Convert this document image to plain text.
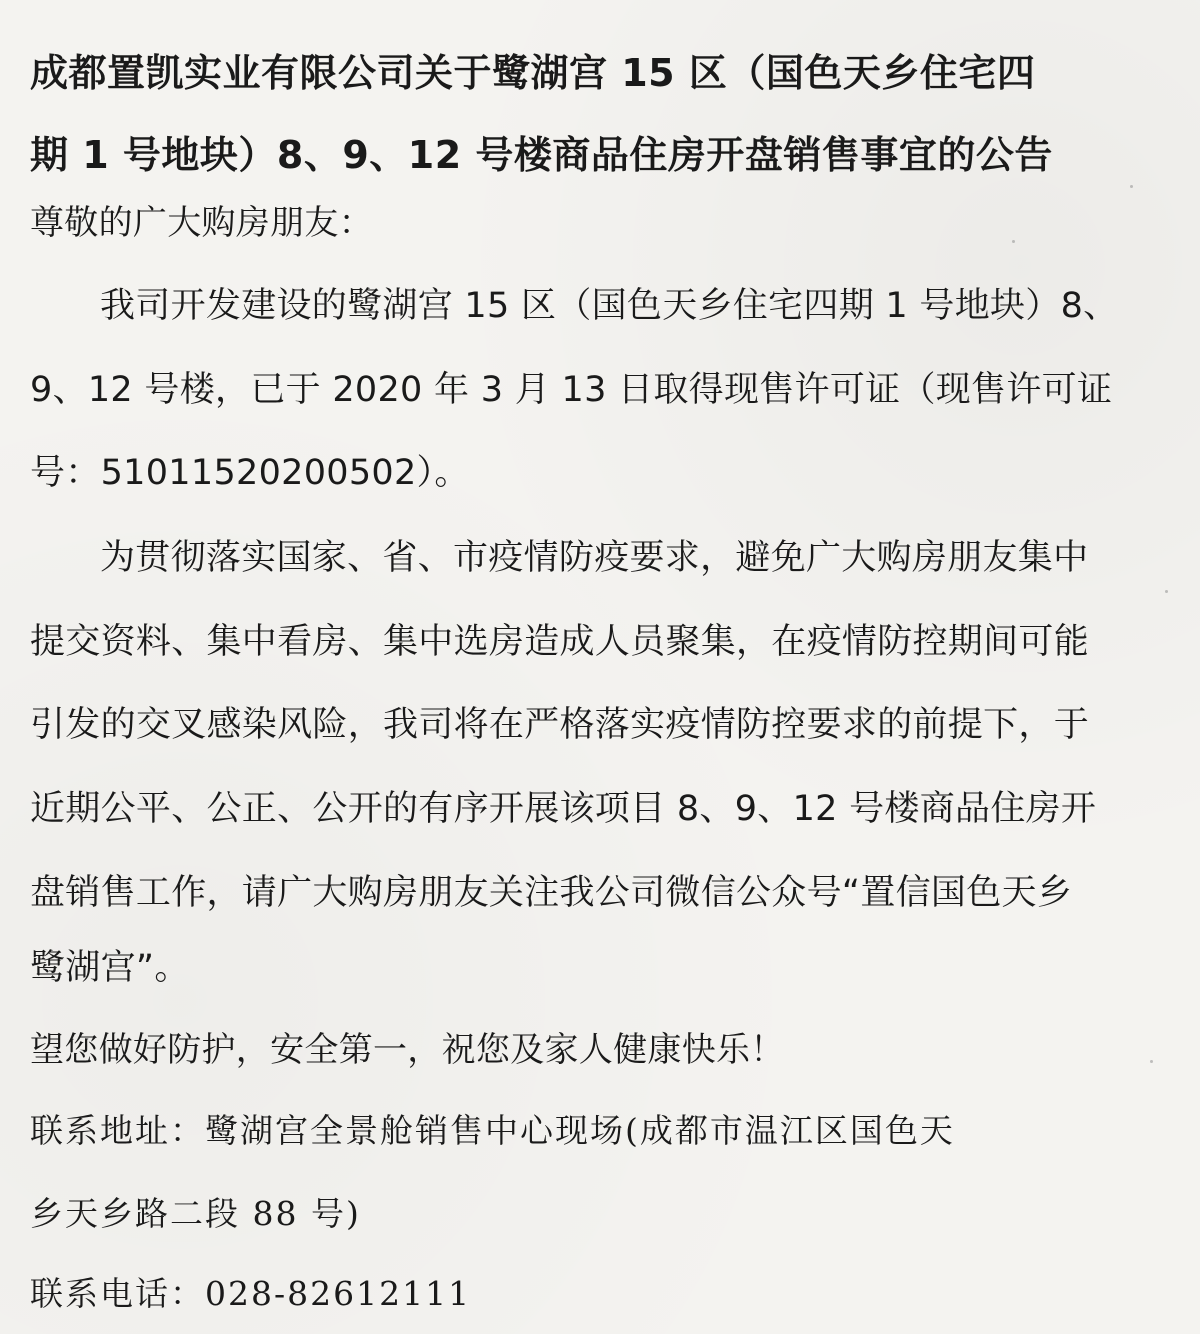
成都置凯实业有限公司关于鹭湖宫 15 区（国色天乡住宅四
期 1 号地块）8、9、12 号楼商品住房开盘销售事宜的公告
尊敬的广大购房朋友：
我司开发建设的鹭湖宫 15 区（国色天乡住宅四期 1 号地块）8、
9、12 号楼，已于 2020 年 3 月 13 日取得现售许可证（现售许可证
号：51011520200502）。
为贯彻落实国家、省、市疫情防疫要求，避免广大购房朋友集中
提交资料、集中看房、集中选房造成人员聚集，在疫情防控期间可能
引发的交叉感染风险，我司将在严格落实疫情防控要求的前提下，于
近期公平、公正、公开的有序开展该项目 8、9、12 号楼商品住房开
盘销售工作，请广大购房朋友关注我公司微信公众号“置信国色天乡
鹭湖宫”。
望您做好防护，安全第一，祝您及家人健康快乐！
联系地址：鹭湖宫全景舱销售中心现场(成都市温江区国色天
乡天乡路二段 88 号)
联系电话：028-82612111
